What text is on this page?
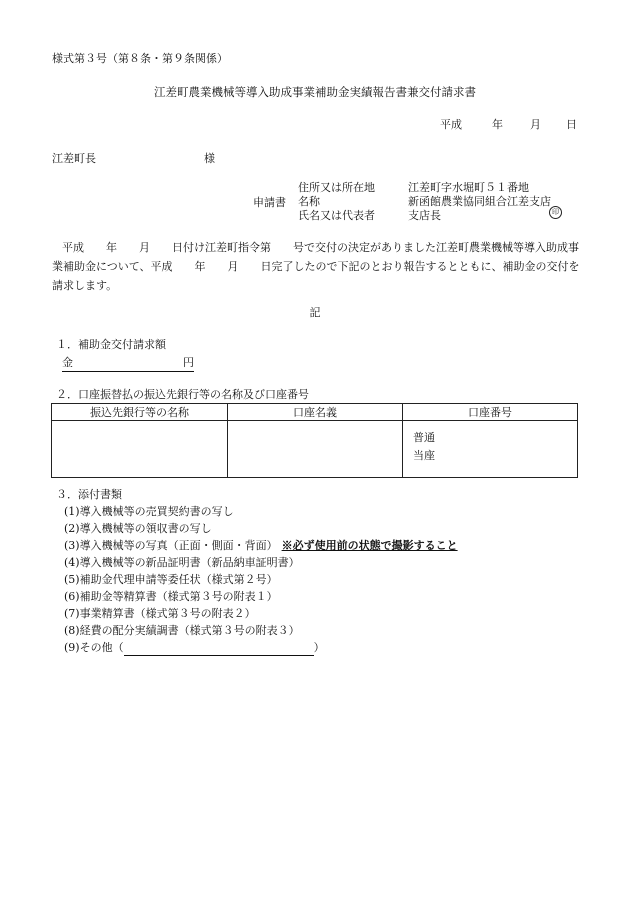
様式第３号（第８条・第９条関係）
江差町農業機械等導入助成事業補助金実績報告書兼交付請求書
平成	年 月 日
江差町長	様
申請書
住所又は所在地	江差町字水堀町５１番地
名称	新函館農業協同組合江差支店
氏名又は代表者	支店長	印
平成　　年　　月　　日付け江差町指令第　　号で交付の決定がありました江差町農業機械等導入助成事業補助金について、平成　　年　　月　　日完了したので下記のとおり報告するとともに、補助金の交付を請求します。
記
１．補助金交付請求額
金	円
２．口座振替払の振込先銀行等の名称及び口座番号
振込先銀行等の名称	口座名義	口座番号

		普通
当座
３．添付書類
(1)導入機械等の売買契約書の写し
(2)導入機械等の領収書の写し
(3)導入機械等の写真（正面・側面・背面） ※必ず使用前の状態で撮影すること
(4)導入機械等の新品証明書（新品納車証明書）
(5)補助金代理申請等委任状（様式第２号）
(6)補助金等精算書（様式第３号の附表１）
(7)事業精算書（様式第３号の附表２）
(8)経費の配分実績調書（様式第３号の附表３）
(9)その他（	）
